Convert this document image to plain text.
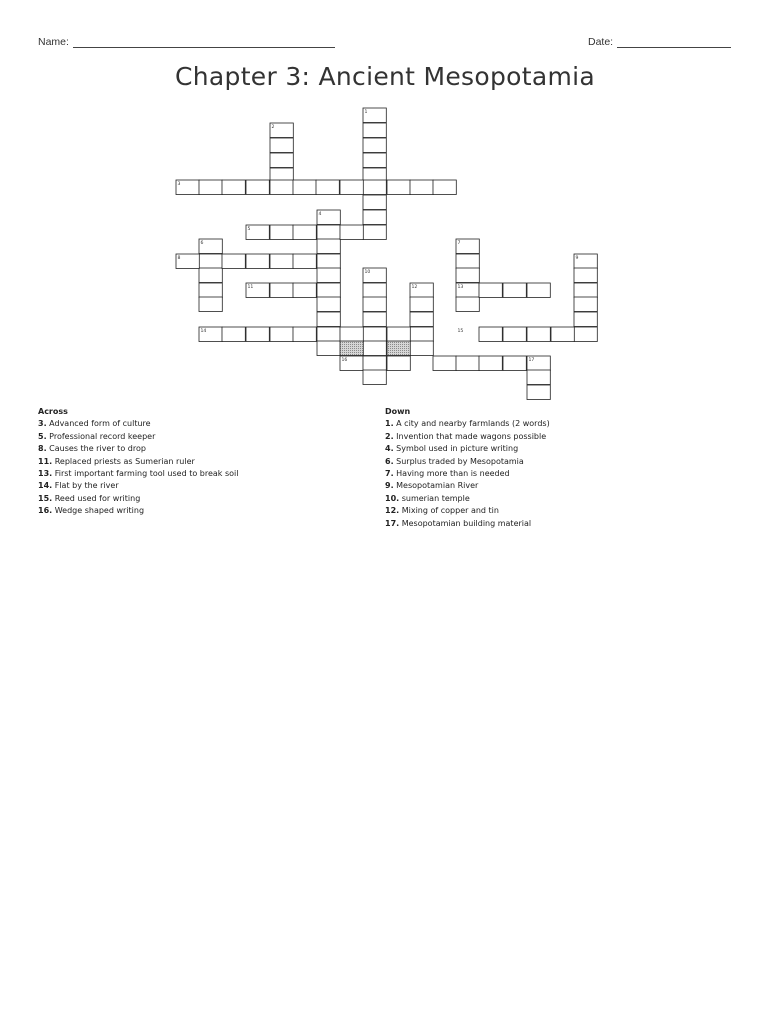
Name:	Date:
Chapter 3: Ancient Mesopotamia
1
2
3
4
5
6	7
8	9
10
11	12	13
14	15
16	17
Across
3. Advanced form of culture
5. Professional record keeper
8. Causes the river to drop
11. Replaced priests as Sumerian ruler
13. First important farming tool used to break soil
14. Flat by the river
15. Reed used for writing
16. Wedge shaped writing
Down
1. A city and nearby farmlands (2 words)
2. Invention that made wagons possible
4. Symbol used in picture writing
6. Surplus traded by Mesopotamia
7. Having more than is needed
9. Mesopotamian River
10. sumerian temple
12. Mixing of copper and tin
17. Mesopotamian building material
